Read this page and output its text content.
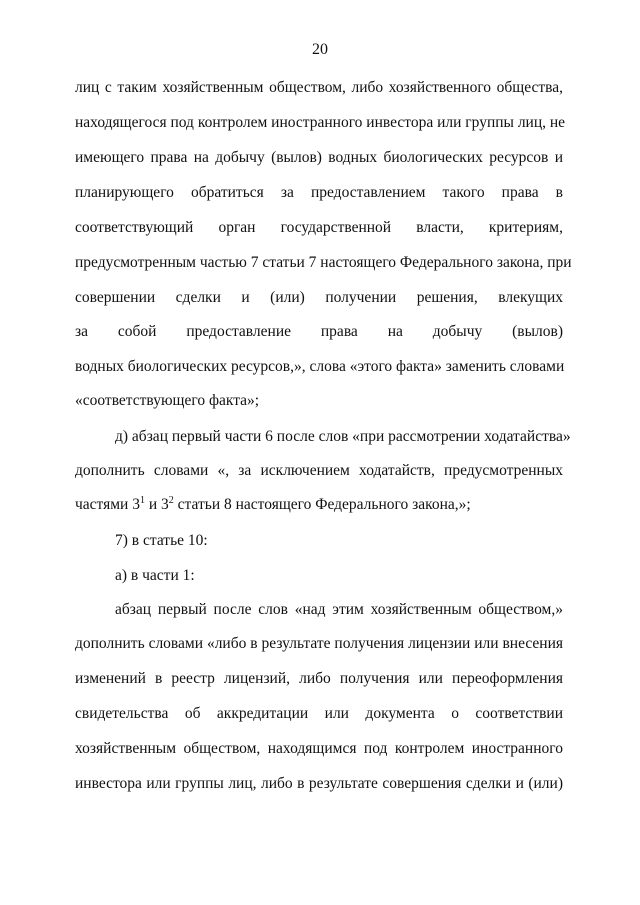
20
лиц с таким хозяйственным обществом, либо хозяйственного общества,
находящегося под контролем иностранного инвестора или группы лиц, не
имеющего права на добычу (вылов) водных биологических ресурсов и
планирующего обратиться за предоставлением такого права в
соответствующий орган государственной власти, критериям,
предусмотренным частью 7 статьи 7 настоящего Федерального закона, при
совершении сделки и (или) получении решения, влекущих
за собой предоставление права на добычу (вылов)
водных биологических ресурсов,», слова «этого факта» заменить словами
«соответствующего факта»;
д) абзац первый части 6 после слов «при рассмотрении ходатайства»
дополнить словами «, за исключением ходатайств, предусмотренных
частями $3^1$ и $3^2$ статьи 8 настоящего Федерального закона,»;
7) в статье 10:
а) в части 1:
абзац первый после слов «над этим хозяйственным обществом,»
дополнить словами «либо в результате получения лицензии или внесения
изменений в реестр лицензий, либо получения или переоформления
свидетельства об аккредитации или документа о соответствии
хозяйственным обществом, находящимся под контролем иностранного
инвестора или группы лиц, либо в результате совершения сделки и (или)
